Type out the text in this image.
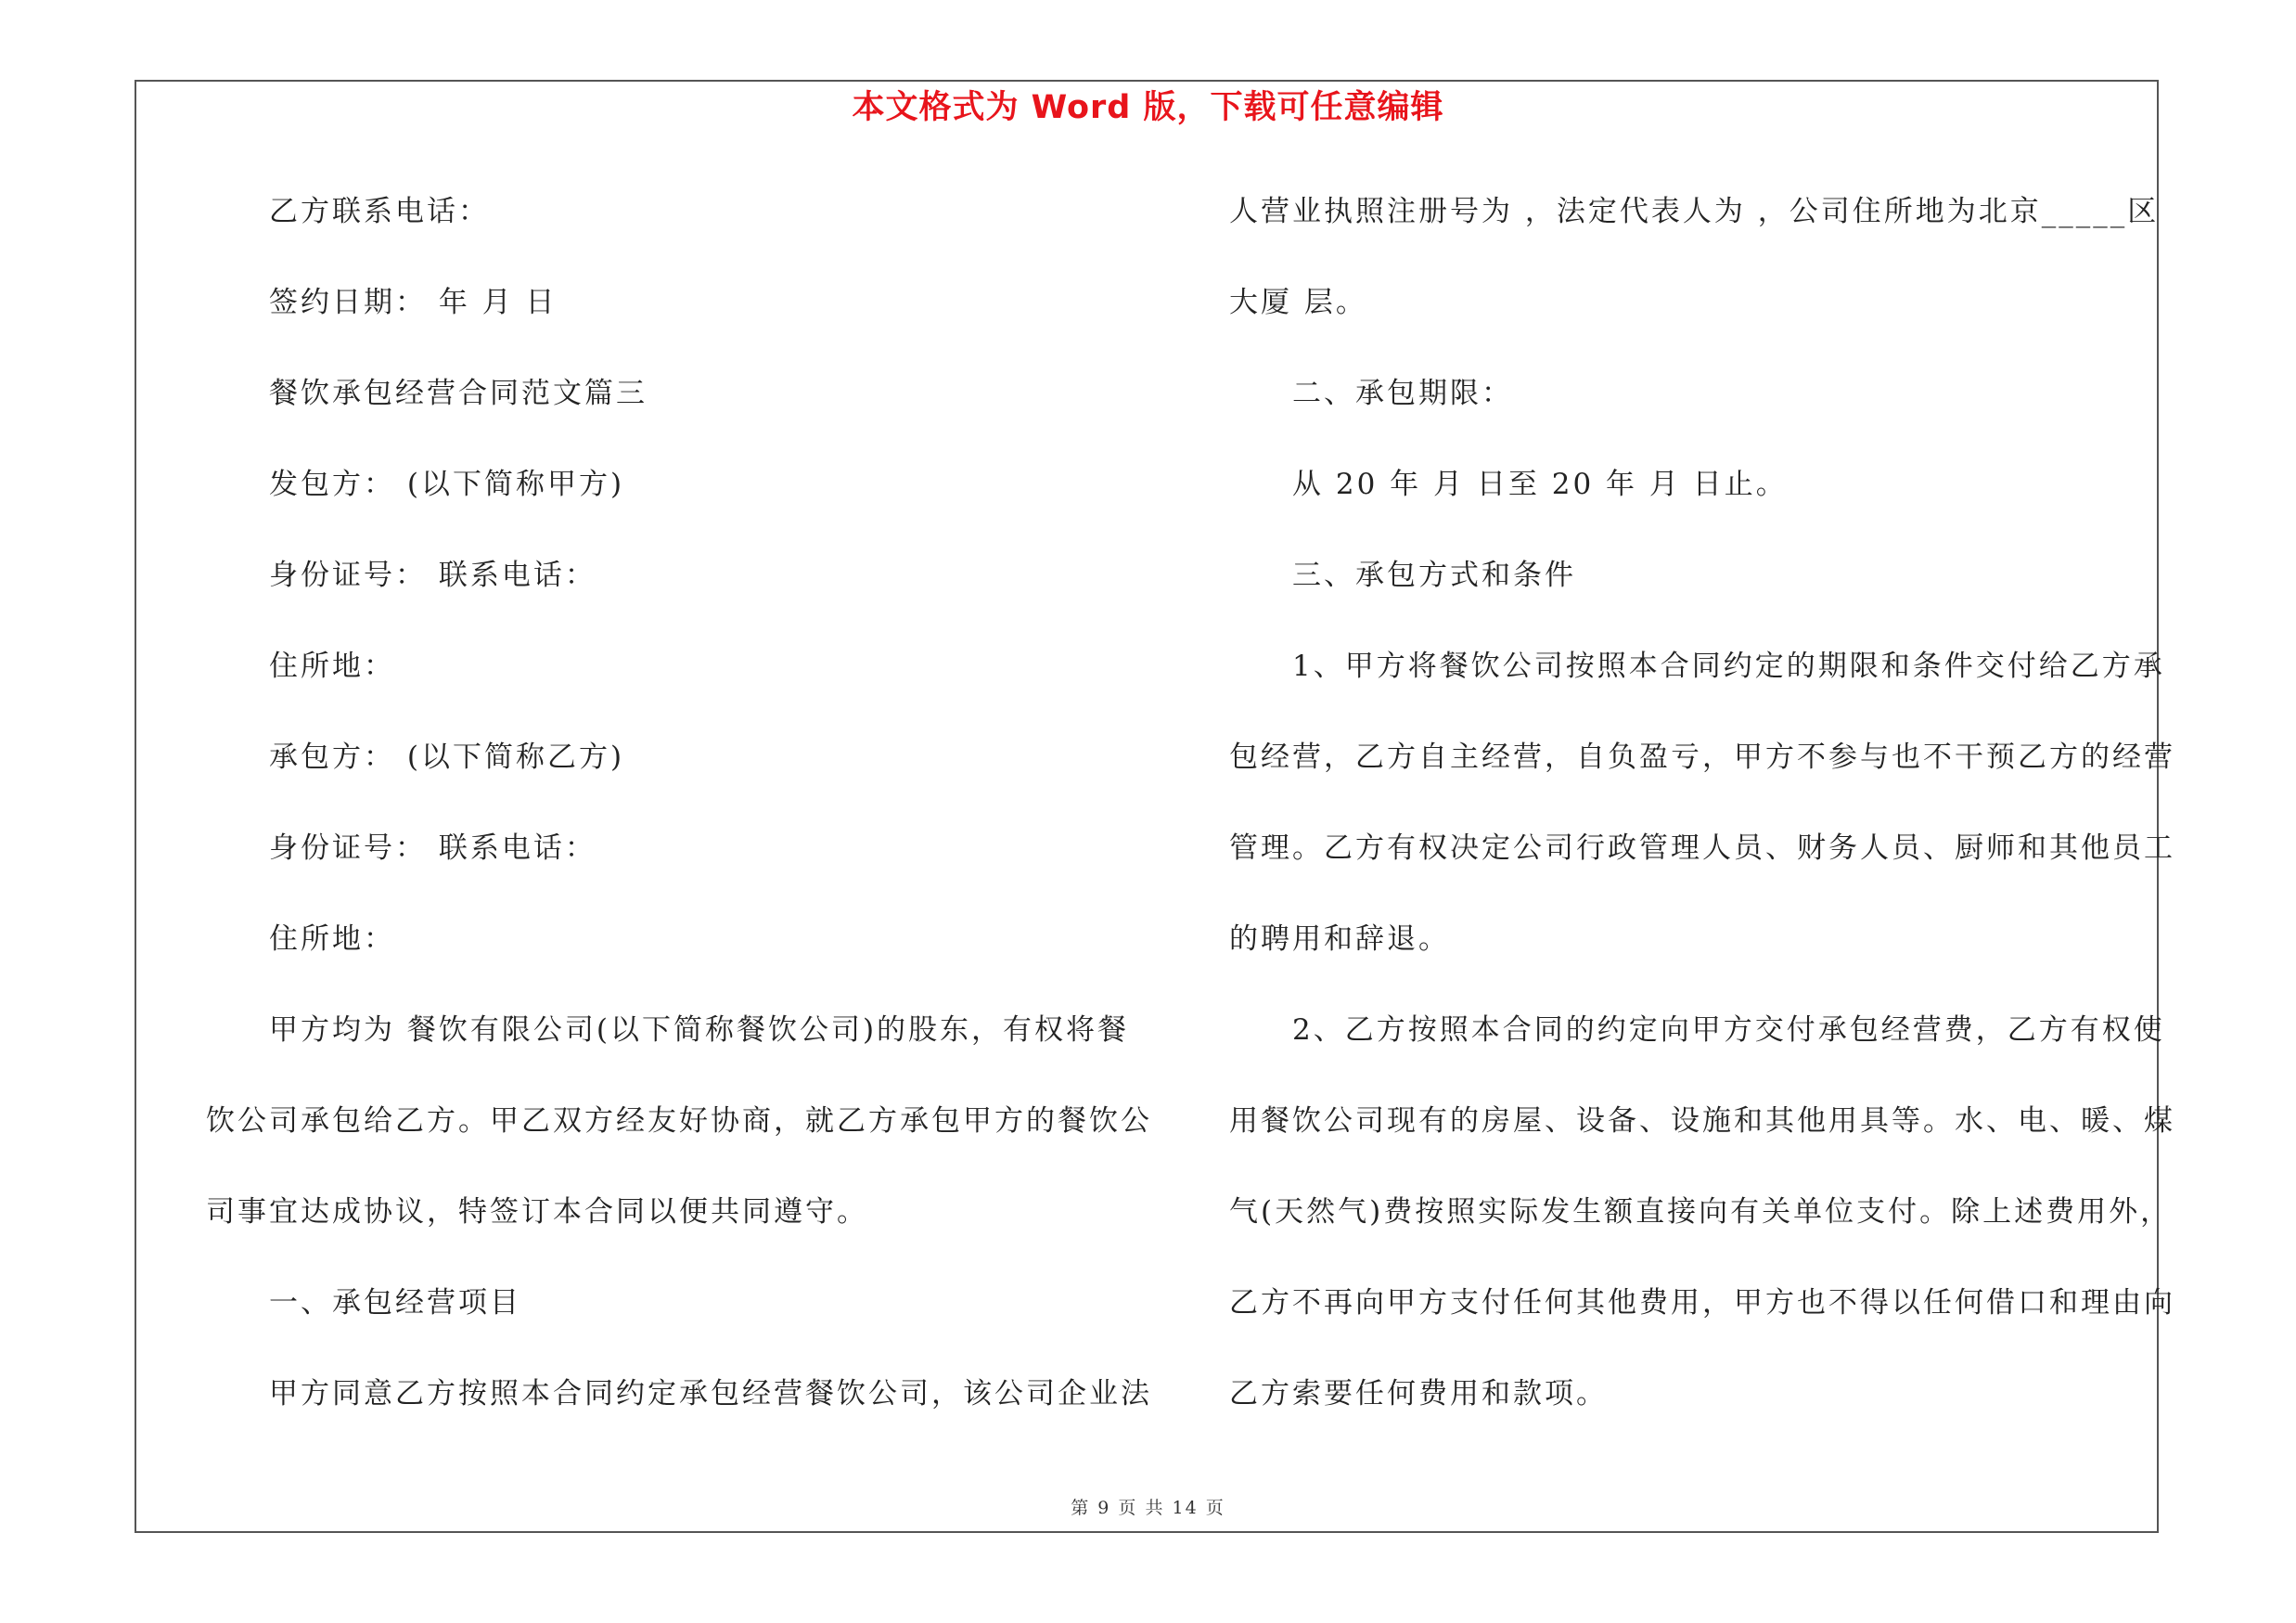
本文格式为 Word 版，下载可任意编辑
乙方联系电话：
签约日期： 年 月 日
餐饮承包经营合同范文篇三
发包方： (以下简称甲方)
身份证号： 联系电话：
住所地：
承包方： (以下简称乙方)
身份证号： 联系电话：
住所地：
甲方均为 餐饮有限公司(以下简称餐饮公司)的股东，有权将餐
饮公司承包给乙方。甲乙双方经友好协商，就乙方承包甲方的餐饮公
司事宜达成协议，特签订本合同以便共同遵守。
一、承包经营项目
甲方同意乙方按照本合同约定承包经营餐饮公司，该公司企业法
人营业执照注册号为 ，法定代表人为 ，公司住所地为北京_____区
大厦 层。
二、承包期限：
从 20 年 月 日至 20 年 月 日止。
三、承包方式和条件
1、甲方将餐饮公司按照本合同约定的期限和条件交付给乙方承
包经营，乙方自主经营，自负盈亏，甲方不参与也不干预乙方的经营
管理。乙方有权决定公司行政管理人员、财务人员、厨师和其他员工
的聘用和辞退。
2、乙方按照本合同的约定向甲方交付承包经营费，乙方有权使
用餐饮公司现有的房屋、设备、设施和其他用具等。水、电、暖、煤
气(天然气)费按照实际发生额直接向有关单位支付。除上述费用外，
乙方不再向甲方支付任何其他费用，甲方也不得以任何借口和理由向
乙方索要任何费用和款项。
第 9 页 共 14 页
